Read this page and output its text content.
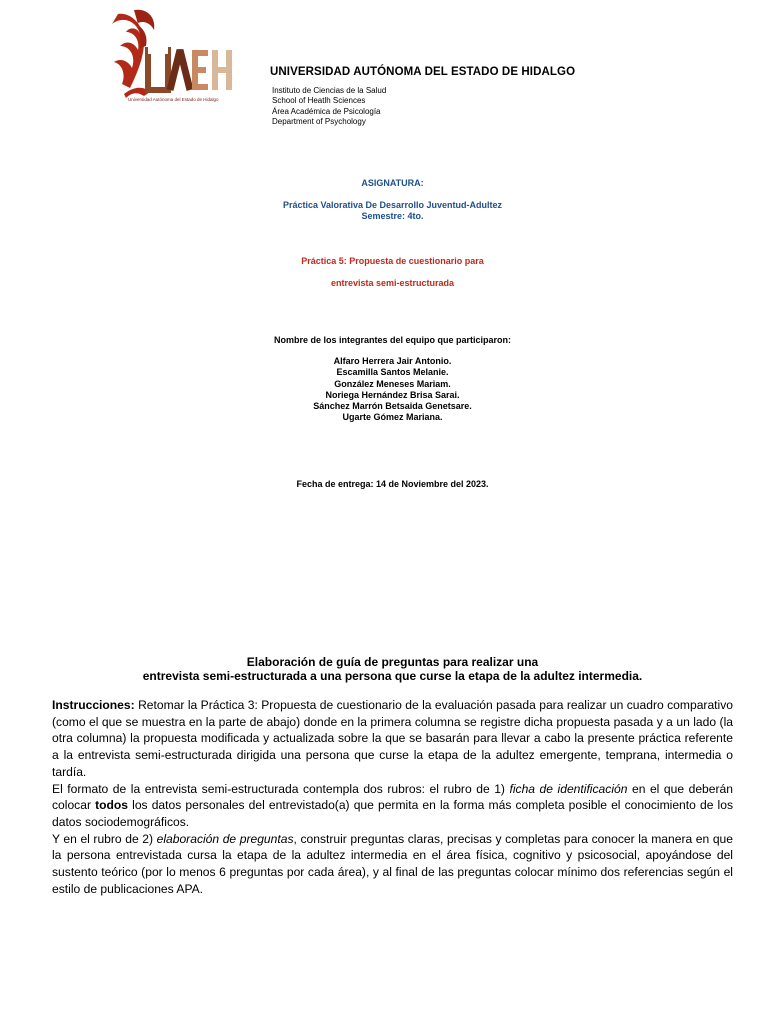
Universidad Autónoma del Estado de Hidalgo
UNIVERSIDAD AUTÓNOMA DEL ESTADO DE HIDALGO
Instituto de Ciencias de la Salud
School of Heatlh Sciences
Área Académica de Psicología
Department of Psychology
ASIGNATURA:
Práctica Valorativa De Desarrollo Juventud-Adultez
Semestre: 4to.
Práctica 5: Propuesta de cuestionario para
entrevista semi-estructurada
Nombre de los integrantes del equipo que participaron:
Alfaro Herrera Jair Antonio.
Escamilla Santos Melanie.
González Meneses Mariam.
Noriega Hernández Brisa Sarai.
Sánchez Marrón Betsaida Genetsare.
Ugarte Gómez Mariana.
Fecha de entrega: 14 de Noviembre del 2023.
Elaboración de guía de preguntas para realizar una
entrevista semi-estructurada a una persona que curse la etapa de la adultez intermedia.

Instrucciones: Retomar la Práctica 3: Propuesta de cuestionario de la evaluación pasada para realizar un cuadro comparativo (como el que se muestra en la parte de abajo) donde en la primera columna se registre dicha propuesta pasada y a un lado (la otra columna) la propuesta modificada y actualizada sobre la que se basarán para llevar a cabo la presente práctica referente a la entrevista semi-estructurada dirigida una persona que curse la etapa de la adultez emergente, temprana, intermedia o tardía.

El formato de la entrevista semi-estructurada contempla dos rubros: el rubro de 1) ficha de identificación en el que deberán colocar todos los datos personales del entrevistado(a) que permita en la forma más completa posible el conocimiento de los datos sociodemográficos.

Y en el rubro de 2) elaboración de preguntas, construir preguntas claras, precisas y completas para conocer la manera en que la persona entrevistada cursa la etapa de la adultez intermedia en el área física, cognitivo y psicosocial, apoyándose del sustento teórico (por lo menos 6 preguntas por cada área), y al final de las preguntas colocar mínimo dos referencias según el estilo de publicaciones APA.
